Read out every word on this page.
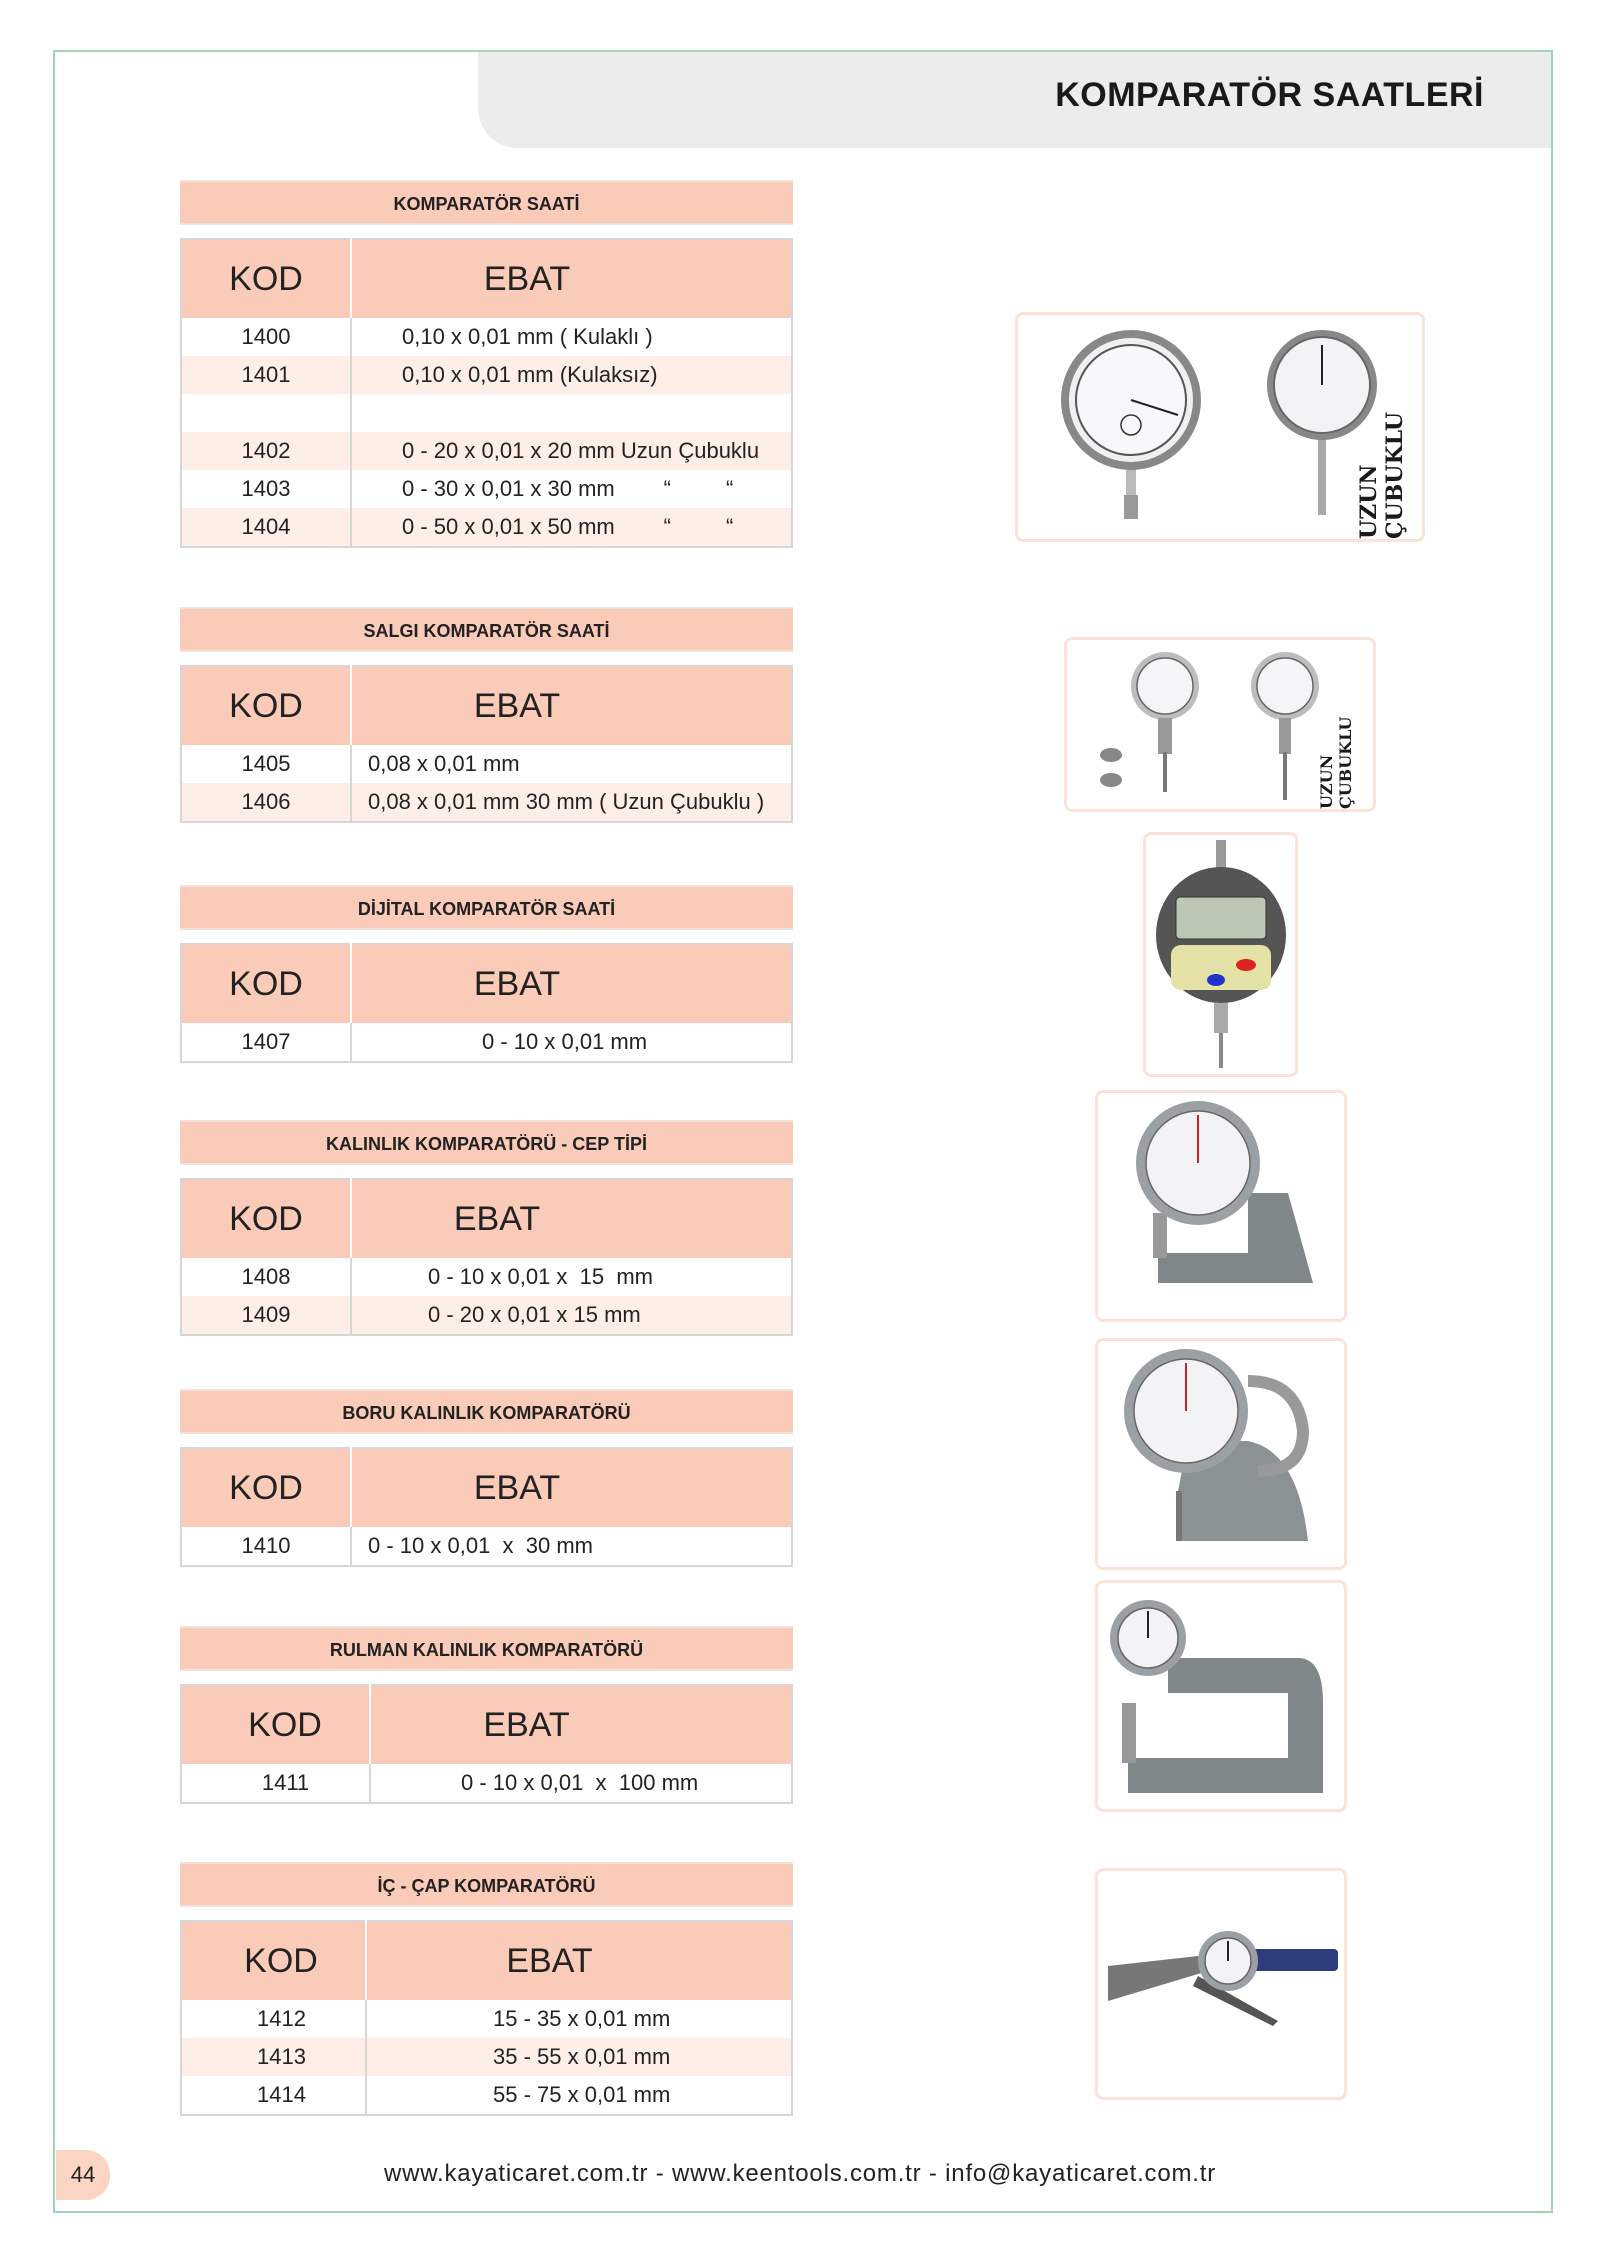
KOMPARATÖR SAATLERİ
KOMPARATÖR SAATİ
KOD	EBAT
1400	0,10 x 0,01 mm ( Kulaklı )
1401	0,10 x 0,01 mm (Kulaksız)

1402	0 - 20 x 0,01 x 20 mm Uzun Çubuklu
1403	0 - 30 x 0,01 x 30 mm        “         “
1404	0 - 50 x 0,01 x 50 mm        “         “
SALGI KOMPARATÖR SAATİ
KOD	EBAT
1405	0,08 x 0,01 mm
1406	0,08 x 0,01 mm 30 mm ( Uzun Çubuklu )
DİJİTAL KOMPARATÖR SAATİ
KOD	EBAT
1407	0 - 10 x 0,01 mm
KALINLIK KOMPARATÖRÜ - CEP TİPİ
KOD	EBAT
1408	0 - 10 x 0,01 x  15  mm
1409	0 - 20 x 0,01 x 15 mm
BORU KALINLIK KOMPARATÖRÜ
KOD	EBAT
1410	0 - 10 x 0,01  x  30 mm
RULMAN KALINLIK KOMPARATÖRÜ
KOD	EBAT
1411	0 - 10 x 0,01  x  100 mm
İÇ - ÇAP KOMPARATÖRÜ
KOD	EBAT
1412	15 - 35 x 0,01 mm
1413	35 - 55 x 0,01 mm
1414	55 - 75 x 0,01 mm
UZUN ÇUBUKLU
UZUN ÇUBUKLU
44	www.kayaticaret.com.tr - www.keentools.com.tr - info@kayaticaret.com.tr
